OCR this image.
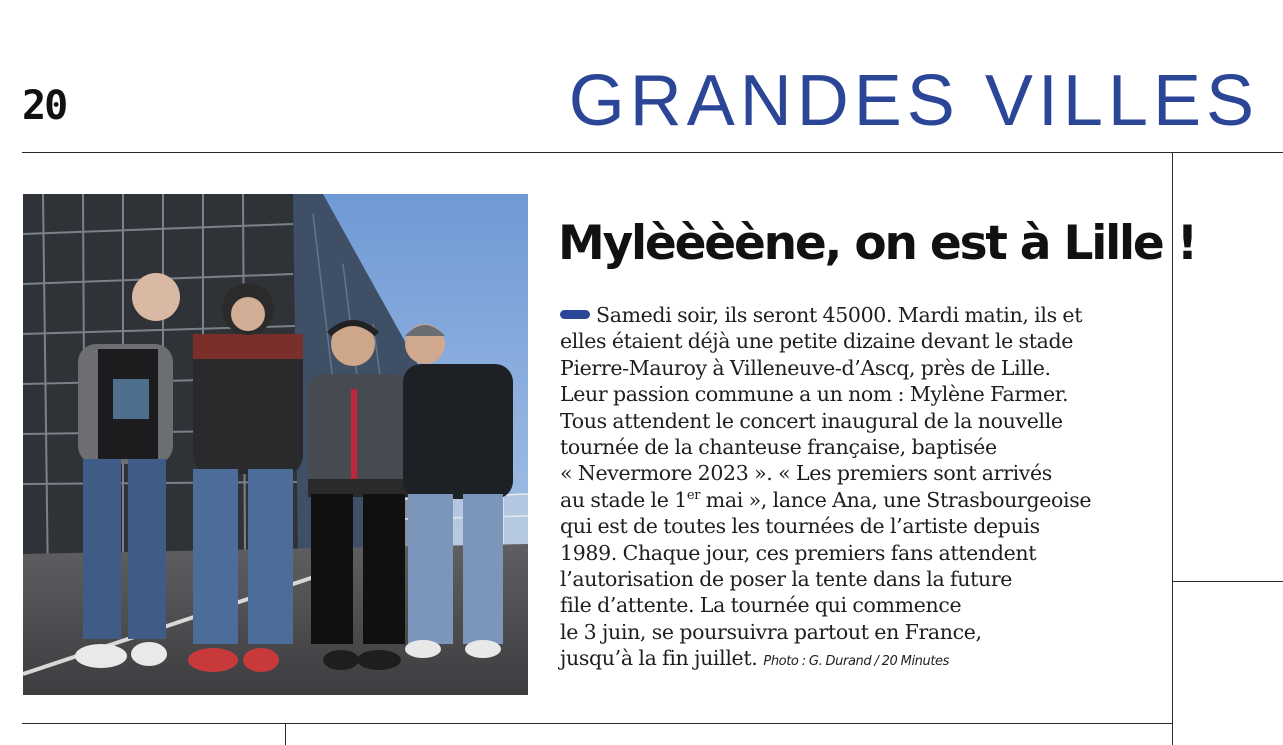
20	GRANDES VILLES
Mylèèèène, on est à Lille !
Samedi soir, ils seront 45000. Mardi matin, ils et
elles étaient déjà une petite dizaine devant le stade
Pierre-Mauroy à Villeneuve-d’Ascq, près de Lille.
Leur passion commune a un nom : Mylène Farmer.
Tous attendent le concert inaugural de la nouvelle
tournée de la chanteuse française, baptisée
« Nevermore 2023 ». « Les premiers sont arrivés
au stade le 1er mai », lance Ana, une Strasbourgeoise
qui est de toutes les tournées de l’artiste depuis
1989. Chaque jour, ces premiers fans attendent
l’autorisation de poser la tente dans la future
file d’attente. La tournée qui commence
le 3 juin, se poursuivra partout en France,
jusqu’à la fin juillet. Photo : G. Durand / 20 Minutes
